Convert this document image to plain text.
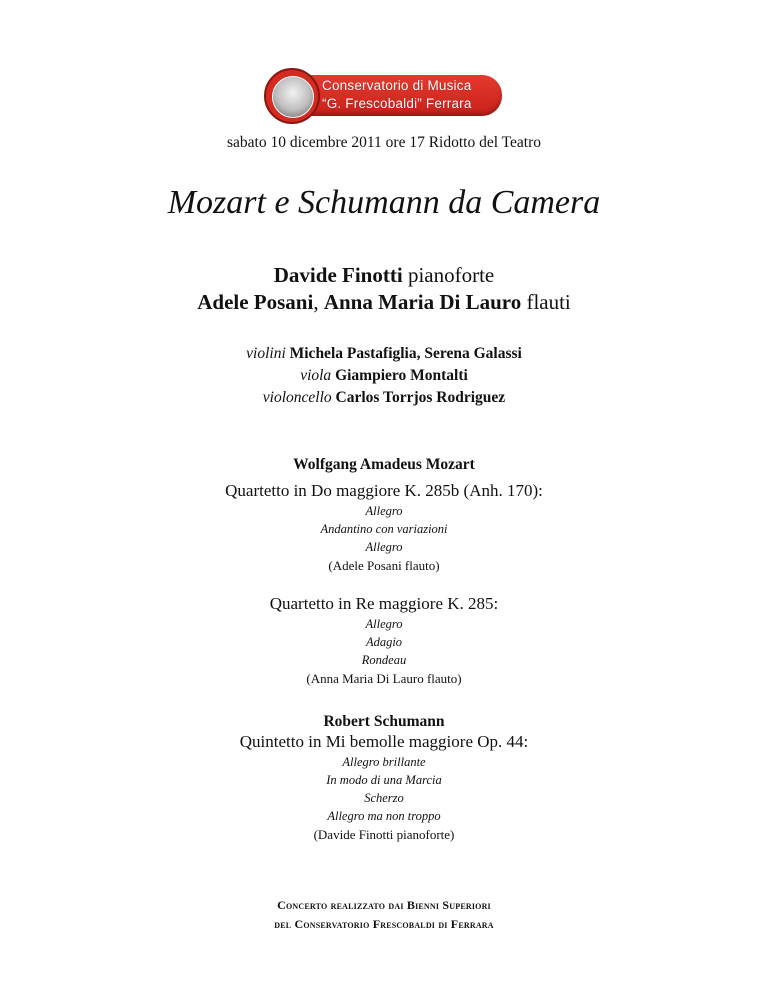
Conservatorio di Musica
“G. Frescobaldi” Ferrara
sabato 10 dicembre 2011 ore 17 Ridotto del Teatro
Mozart e Schumann da Camera
Davide Finotti pianoforte
Adele Posani, Anna Maria Di Lauro flauti
violini Michela Pastafiglia, Serena Galassi
viola Giampiero Montalti
violoncello Carlos Torrjos Rodriguez
Wolfgang Amadeus Mozart
Quartetto in Do maggiore K. 285b (Anh. 170):
Allegro
Andantino con variazioni
Allegro
(Adele Posani flauto)
Quartetto in Re maggiore K. 285:
Allegro
Adagio
Rondeau
(Anna Maria Di Lauro flauto)
Robert Schumann
Quintetto in Mi bemolle maggiore Op. 44:
Allegro brillante
In modo di una Marcia
Scherzo
Allegro ma non troppo
(Davide Finotti pianoforte)
Concerto realizzato dai Bienni Superiori
del Conservatorio Frescobaldi di Ferrara
